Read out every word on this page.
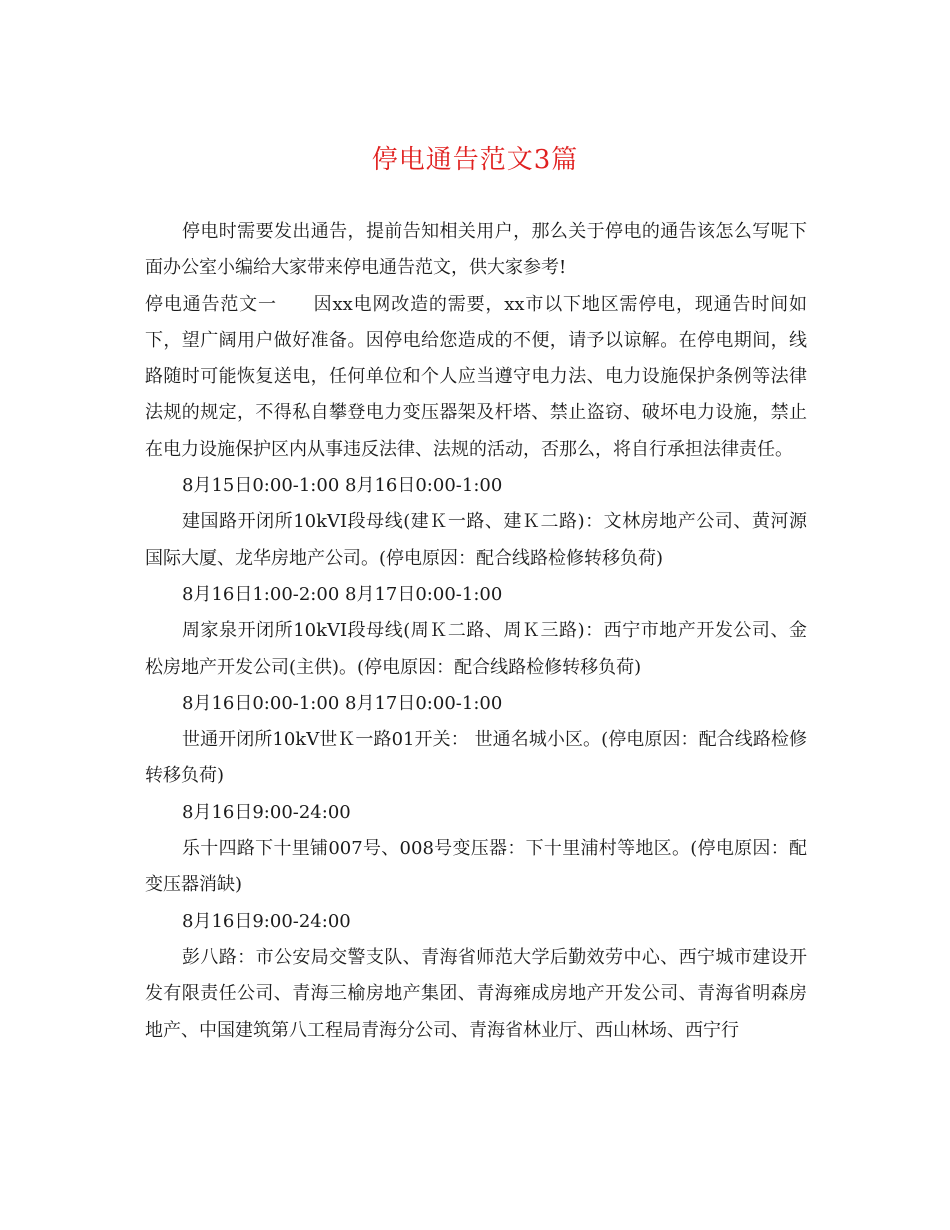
停电通告范文3篇

停电时需要发出通告，提前告知相关用户，那么关于停电的通告该怎么写呢下面办公室小编给大家带来停电通告范文，供大家参考!

停电通告范文一 因xx电网改造的需要，xx市以下地区需停电，现通告时间如下，望广阔用户做好准备。因停电给您造成的不便，请予以谅解。在停电期间，线路随时可能恢复送电，任何单位和个人应当遵守电力法、电力设施保护条例等法律法规的规定，不得私自攀登电力变压器架及杆塔、禁止盗窃、破坏电力设施，禁止在电力设施保护区内从事违反法律、法规的活动，否那么，将自行承担法律责任。

8月15日0:00-1:00 8月16日0:00-1:00

建国路开闭所10kVI段母线(建Ｋ一路、建Ｋ二路)：文林房地产公司、黄河源国际大厦、龙华房地产公司。(停电原因：配合线路检修转移负荷)

8月16日1:00-2:00 8月17日0:00-1:00

周家泉开闭所10kVI段母线(周Ｋ二路、周Ｋ三路)：西宁市地产开发公司、金松房地产开发公司(主供)。(停电原因：配合线路检修转移负荷)

8月16日0:00-1:00 8月17日0:00-1:00

世通开闭所10kV世Ｋ一路01开关： 世通名城小区。(停电原因：配合线路检修转移负荷)

8月16日9:00-24:00

乐十四路下十里铺007号、008号变压器：下十里浦村等地区。(停电原因：配变压器消缺)

8月16日9:00-24:00

彭八路：市公安局交警支队、青海省师范大学后勤效劳中心、西宁城市建设开发有限责任公司、青海三榆房地产集团、青海雍成房地产开发公司、青海省明森房地产、中国建筑第八工程局青海分公司、青海省林业厅、西山林场、西宁行
